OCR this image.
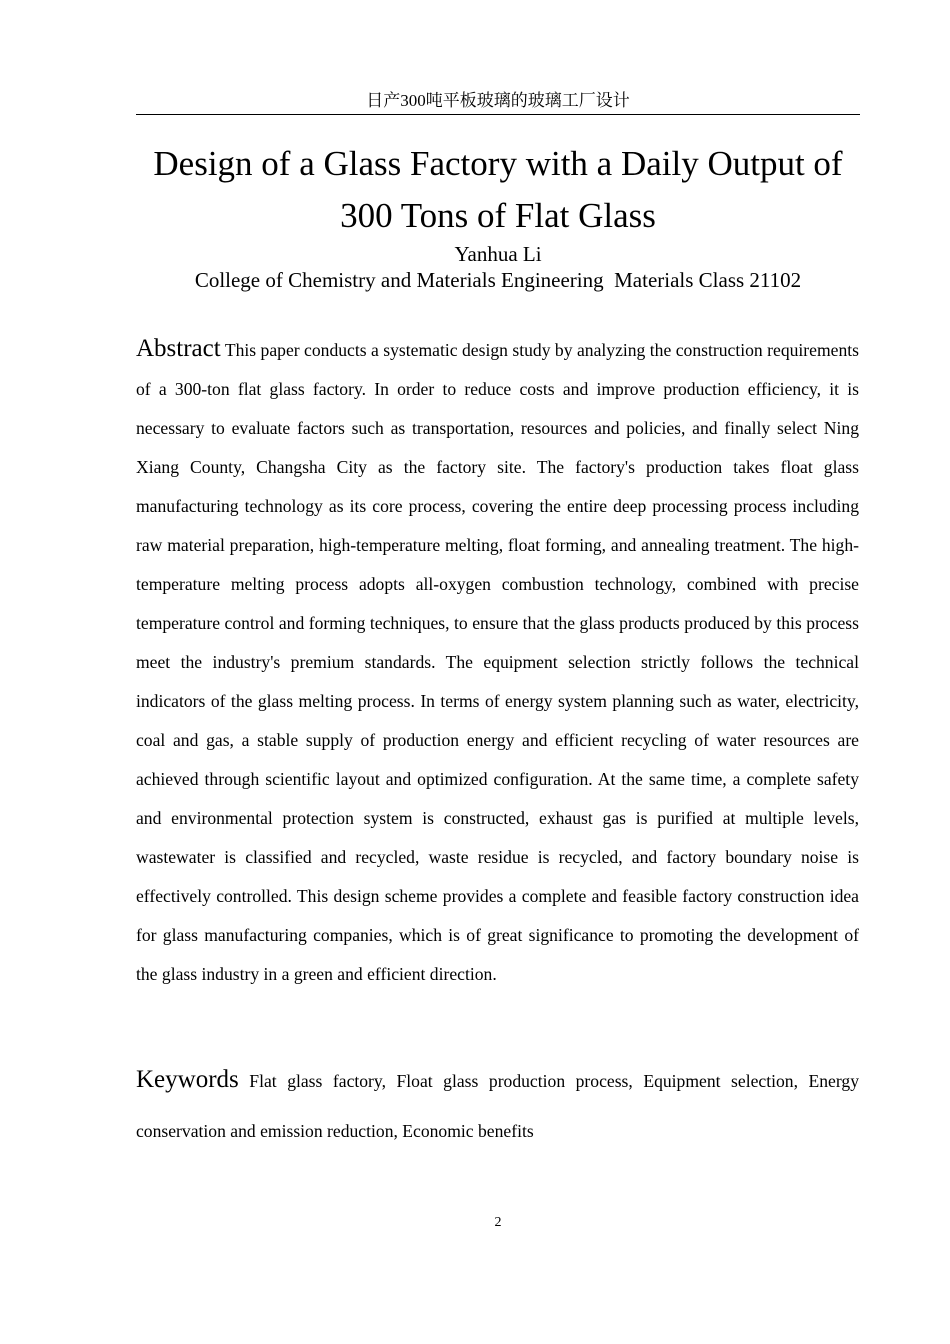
日产300吨平板玻璃的玻璃工厂设计
Design of a Glass Factory with a Daily Output of 300 Tons of Flat Glass
Yanhua Li
College of Chemistry and Materials Engineering  Materials Class 21102

Abstract This paper conducts a systematic design study by analyzing the construction requirements of a 300-ton flat glass factory. In order to reduce costs and improve production efficiency, it is necessary to evaluate factors such as transportation, resources and policies, and finally select Ning Xiang County, Changsha City as the factory site. The factory's production takes float glass manufacturing technology as its core process, covering the entire deep processing process including raw material preparation, high-temperature melting, float forming, and annealing treatment. The high-temperature melting process adopts all-oxygen combustion technology, combined with precise temperature control and forming techniques, to ensure that the glass products produced by this process meet the industry's premium standards. The equipment selection strictly follows the technical indicators of the glass melting process. In terms of energy system planning such as water, electricity, coal and gas, a stable supply of production energy and efficient recycling of water resources are achieved through scientific layout and optimized configuration. At the same time, a complete safety and environmental protection system is constructed, exhaust gas is purified at multiple levels, wastewater is classified and recycled, waste residue is recycled, and factory boundary noise is effectively controlled. This design scheme provides a complete and feasible factory construction idea for glass manufacturing companies, which is of great significance to promoting the development of the glass industry in a green and efficient direction.

Keywords Flat glass factory, Float glass production process, Equipment selection, Energy conservation and emission reduction, Economic benefits

2
